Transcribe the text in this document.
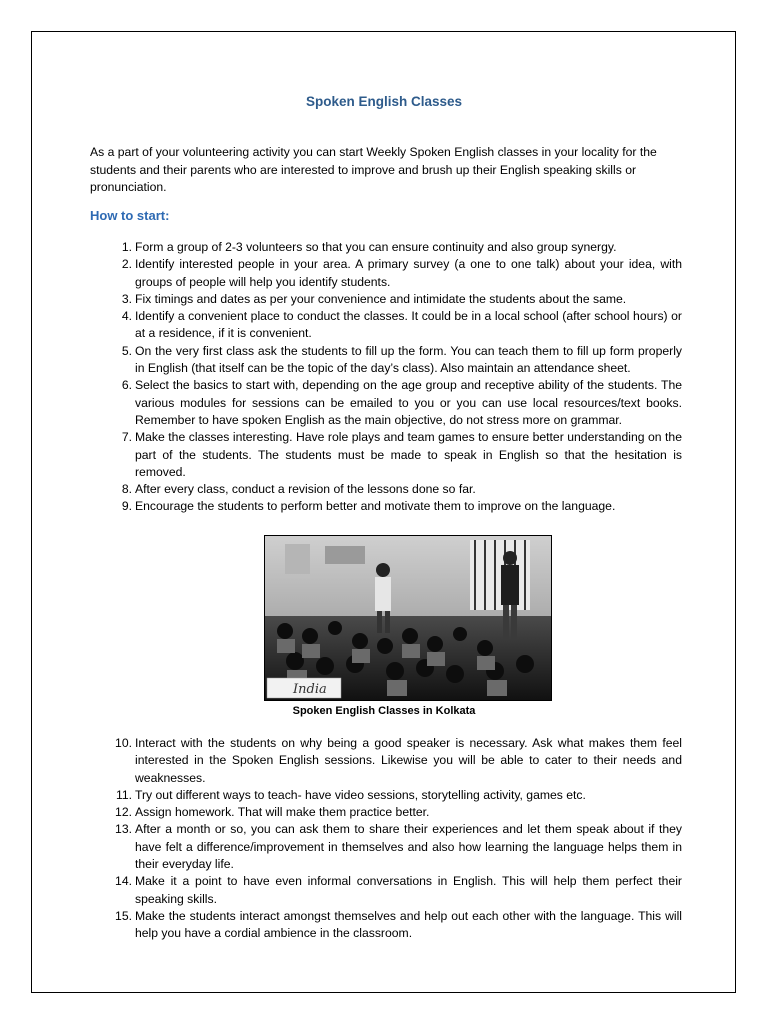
Spoken English Classes
As a part of your volunteering activity you can start Weekly Spoken English classes in your locality for the students and their parents who are interested to improve and brush up their English speaking skills or pronunciation.
How to start:
1. Form a group of 2-3 volunteers so that you can ensure continuity and also group synergy.
2. Identify interested people in your area. A primary survey (a one to one talk) about your idea, with groups of people will help you identify students.
3. Fix timings and dates as per your convenience and intimidate the students about the same.
4. Identify a convenient place to conduct the classes. It could be in a local school (after school hours) or at a residence, if it is convenient.
5. On the very first class ask the students to fill up the form. You can teach them to fill up form properly in English (that itself can be the topic of the day’s class). Also maintain an attendance sheet.
6. Select the basics to start with, depending on the age group and receptive ability of the students. The various modules for sessions can be emailed to you or you can use local resources/text books. Remember to have spoken English as the main objective, do not stress more on grammar.
7. Make the classes interesting. Have role plays and team games to ensure better understanding on the part of the students. The students must be made to speak in English so that the hesitation is removed.
8. After every class, conduct a revision of the lessons done so far.
9. Encourage the students to perform better and motivate them to improve on the language.
India
Spoken English Classes in Kolkata
10. Interact with the students on why being a good speaker is necessary. Ask what makes them feel interested in the Spoken English sessions. Likewise you will be able to cater to their needs and weaknesses.
11. Try out different ways to teach- have video sessions, storytelling activity, games etc.
12. Assign homework. That will make them practice better.
13. After a month or so, you can ask them to share their experiences and let them speak about if they have felt a difference/improvement in themselves and also how learning the language helps them in their everyday life.
14. Make it a point to have even informal conversations in English. This will help them perfect their speaking skills.
15. Make the students interact amongst themselves and help out each other with the language. This will help you have a cordial ambience in the classroom.
